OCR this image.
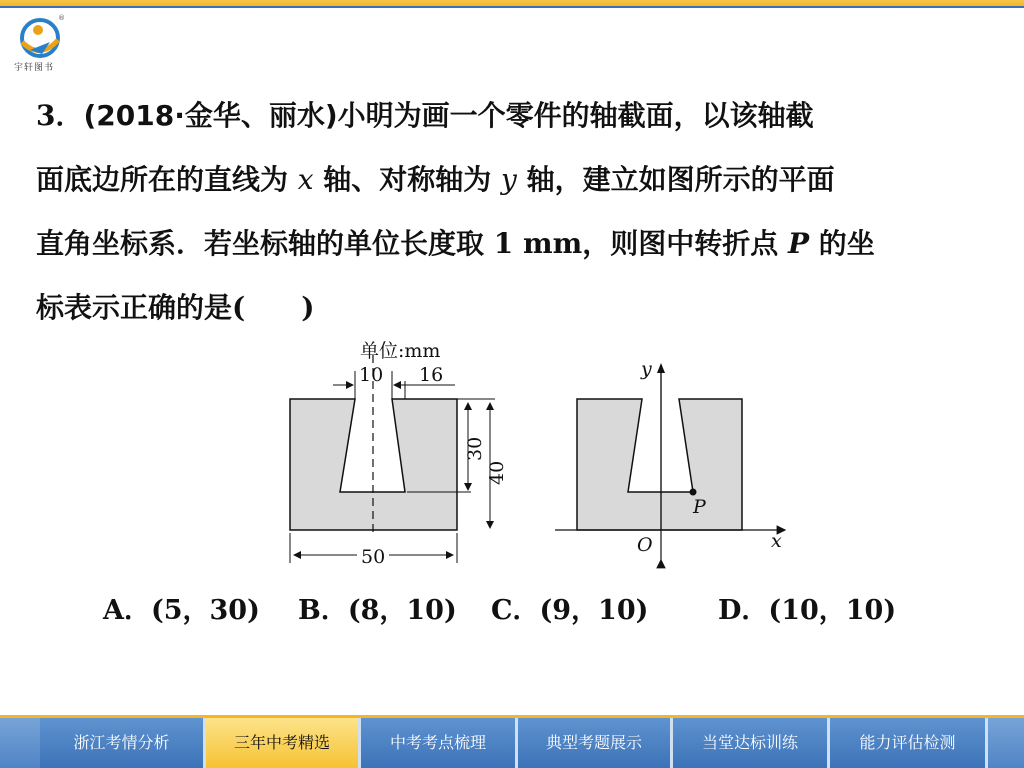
®
宇轩图书
3．(2018·金华、丽水)小明为画一个零件的轴截面，以该轴截
面底边所在的直线为 x 轴、对称轴为 y 轴，建立如图所示的平面
直角坐标系．若坐标轴的单位长度取 1 mm，则图中转折点 P 的坐
标表示正确的是(　　)
单位:mm
10 16
30
40
50
y
x
O
P
A．(5，30) B．(8，10) C．(9，10)	D．(10，10)
浙江考情分析	三年中考精选	中考考点梳理	典型考题展示	当堂达标训练	能力评估检测
